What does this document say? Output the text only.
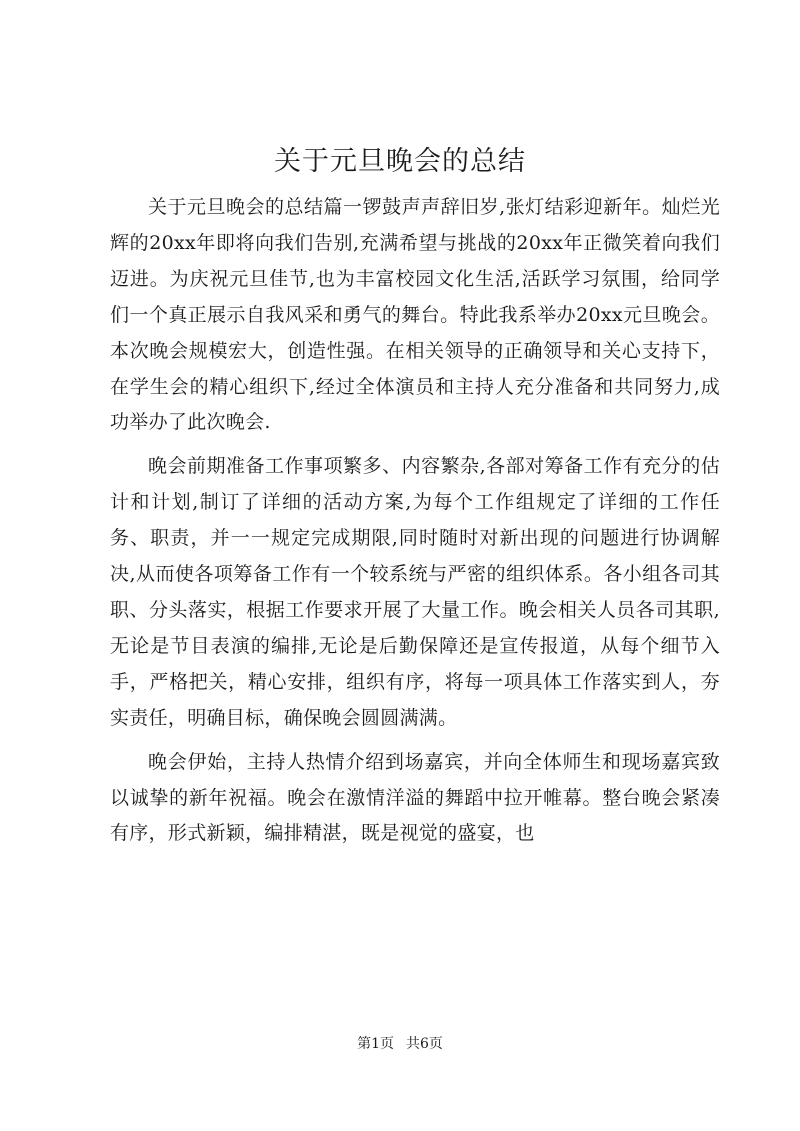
关于元旦晚会的总结

关于元旦晚会的总结篇一锣鼓声声辞旧岁,张灯结彩迎新年。灿烂光辉的20xx年即将向我们告别,充满希望与挑战的20xx年正微笑着向我们迈进。为庆祝元旦佳节,也为丰富校园文化生活,活跃学习氛围，给同学们一个真正展示自我风采和勇气的舞台。特此我系举办20xx元旦晚会。本次晚会规模宏大，创造性强。在相关领导的正确领导和关心支持下，在学生会的精心组织下,经过全体演员和主持人充分准备和共同努力,成功举办了此次晚会.

晚会前期准备工作事项繁多、内容繁杂,各部对筹备工作有充分的估计和计划,制订了详细的活动方案,为每个工作组规定了详细的工作任务、职责，并一一规定完成期限,同时随时对新出现的问题进行协调解决,从而使各项筹备工作有一个较系统与严密的组织体系。各小组各司其职、分头落实，根据工作要求开展了大量工作。晚会相关人员各司其职,无论是节目表演的编排,无论是后勤保障还是宣传报道，从每个细节入手，严格把关，精心安排，组织有序，将每一项具体工作落实到人，夯实责任，明确目标，确保晚会圆圆满满。

晚会伊始，主持人热情介绍到场嘉宾，并向全体师生和现场嘉宾致以诚挚的新年祝福。晚会在激情洋溢的舞蹈中拉开帷幕。整台晚会紧凑有序，形式新颖，编排精湛，既是视觉的盛宴，也

第1页 共6页
